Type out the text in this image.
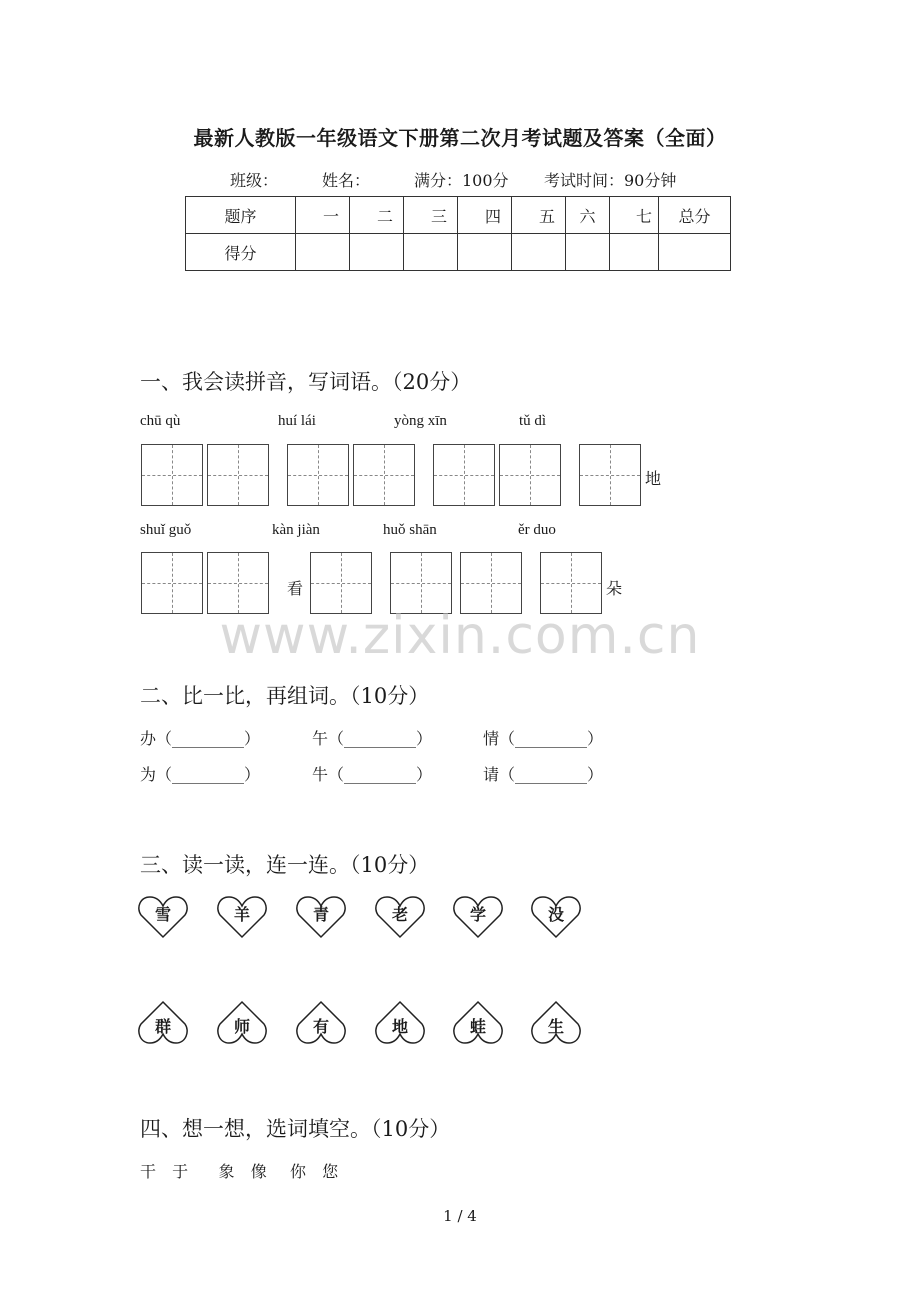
最新人教版一年级语文下册第二次月考试题及答案（全面）
班级：	姓名：	满分：100分 考试时间：90分钟
题序	一	二	三	四	五	六	七	总分
得分								
一、我会读拼音，写词语。（20分）
chū qù	huí lái	yòng xīn	tǔ dì
地
shuǐ guǒ	kàn jiàn	huǒ shān	ěr duo
看	朵
www.zixin.com.cn
二、比一比，再组词。（10分）
办（_________）	午（_________）	情（_________）
为（_________）	牛（_________）	请（_________）
三、读一读，连一连。（10分）
雪	羊	青	老	学	没
群	师	有	地	蛙	生
四、想一想，选词填空。（10分）
干  于    象  像   你  您
1 / 4
